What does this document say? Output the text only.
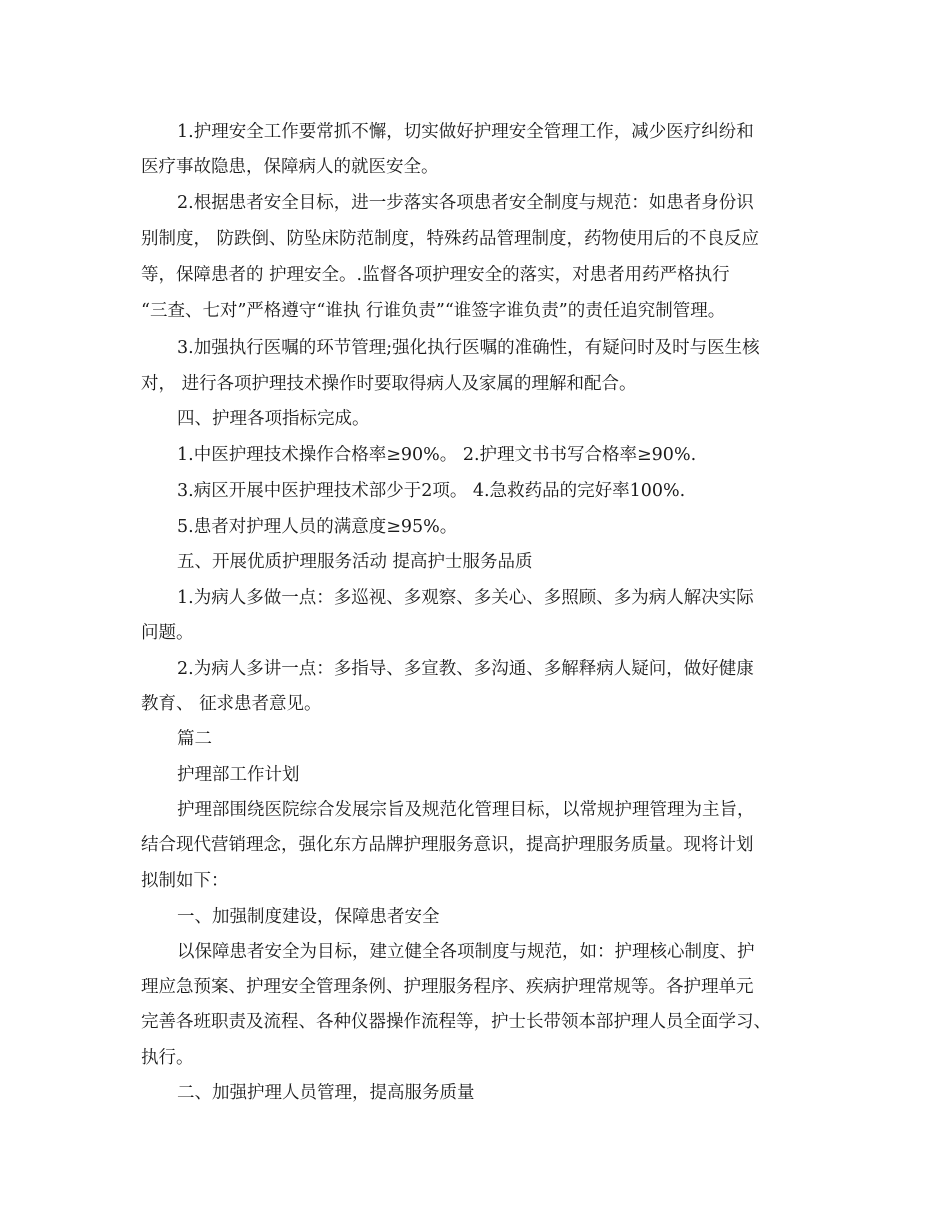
1.护理安全工作要常抓不懈，切实做好护理安全管理工作，减少医疗纠纷和
医疗事故隐患，保障病人的就医安全。
2.根据患者安全目标，进一步落实各项患者安全制度与规范：如患者身份识
别制度， 防跌倒、防坠床防范制度，特殊药品管理制度，药物使用后的不良反应
等，保障患者的 护理安全。.监督各项护理安全的落实，对患者用药严格执行
“三查、七对”严格遵守“谁执 行谁负责”“谁签字谁负责”的责任追究制管理。
3.加强执行医嘱的环节管理;强化执行医嘱的准确性，有疑问时及时与医生核
对， 进行各项护理技术操作时要取得病人及家属的理解和配合。
四、护理各项指标完成。
1.中医护理技术操作合格率≥90%。 2.护理文书书写合格率≥90%.
3.病区开展中医护理技术部少于2项。 4.急救药品的完好率100%.
5.患者对护理人员的满意度≥95%。
五、开展优质护理服务活动 提高护士服务品质
1.为病人多做一点：多巡视、多观察、多关心、多照顾、多为病人解决实际
问题。
2.为病人多讲一点：多指导、多宣教、多沟通、多解释病人疑问，做好健康
教育、 征求患者意见。
篇二
护理部工作计划
护理部围绕医院综合发展宗旨及规范化管理目标，以常规护理管理为主旨，
结合现代营销理念，强化东方品牌护理服务意识，提高护理服务质量。现将计划
拟制如下：
一、加强制度建设，保障患者安全
以保障患者安全为目标，建立健全各项制度与规范，如：护理核心制度、护
理应急预案、护理安全管理条例、护理服务程序、疾病护理常规等。各护理单元
完善各班职责及流程、各种仪器操作流程等，护士长带领本部护理人员全面学习、
执行。
二、加强护理人员管理，提高服务质量
